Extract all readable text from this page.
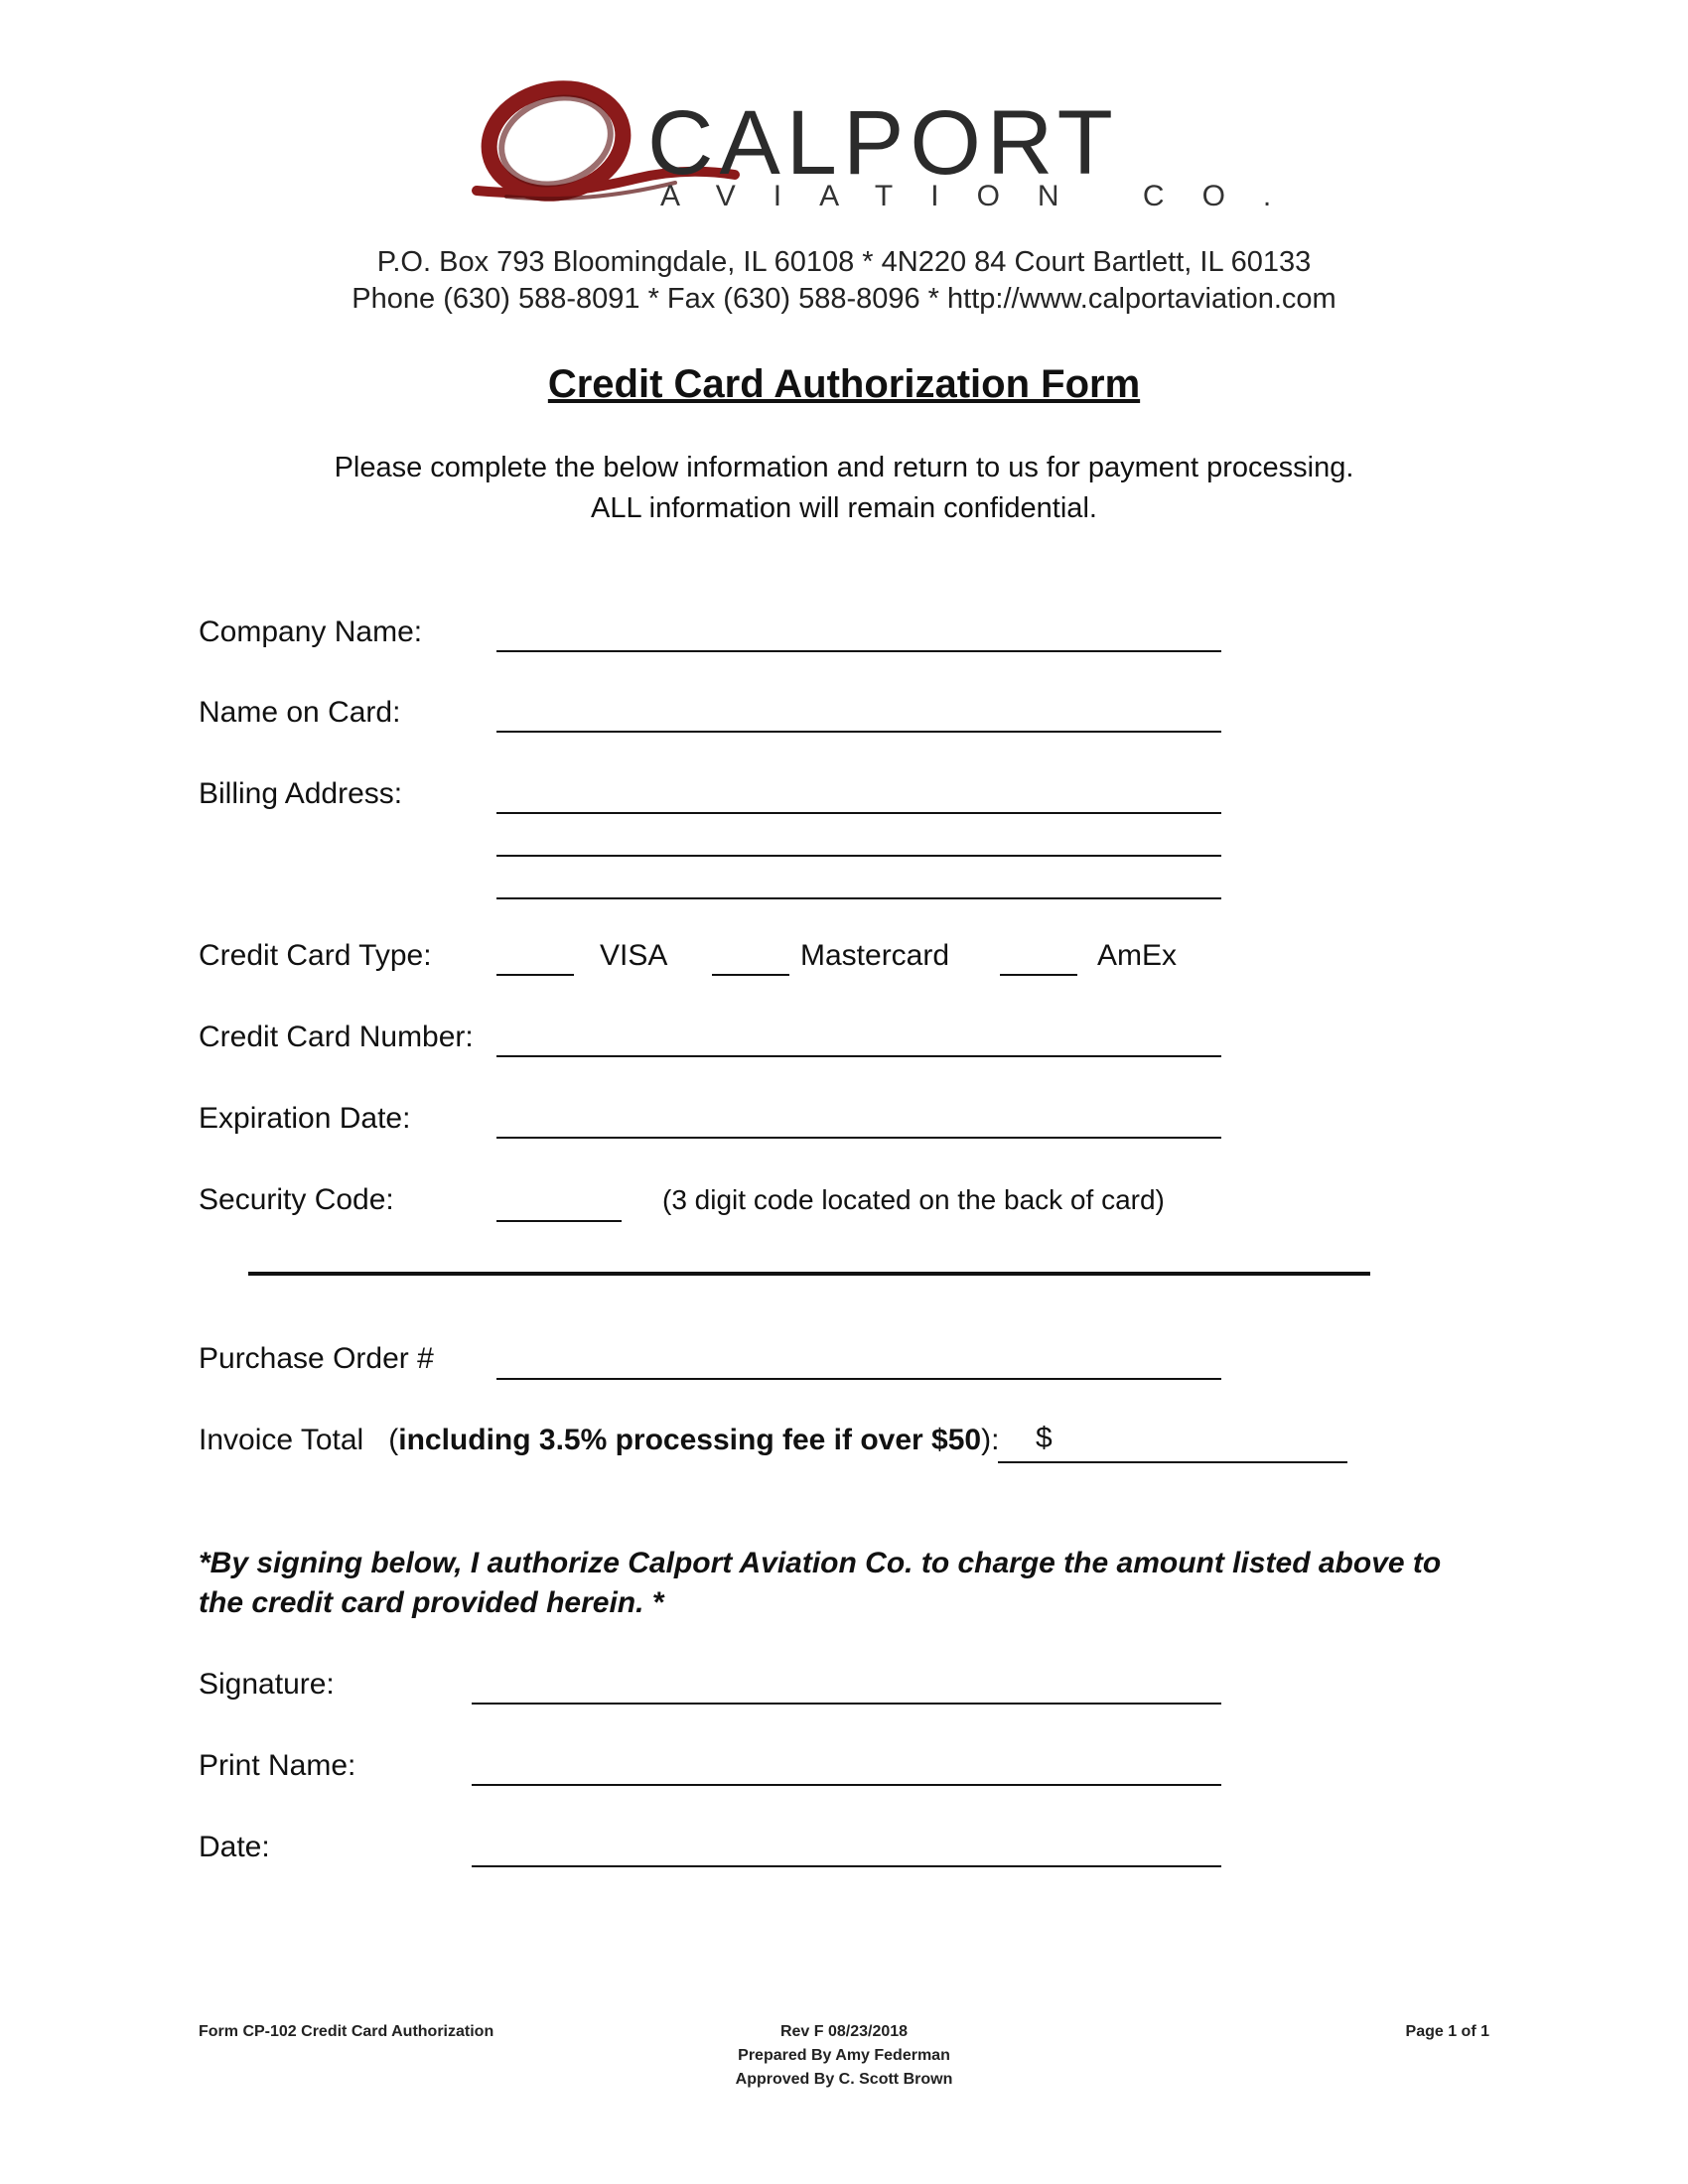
CALPORT
AVIATION CO.
P.O. Box 793 Bloomingdale, IL 60108 * 4N220 84 Court Bartlett, IL 60133
Phone (630) 588-8091 * Fax (630) 588-8096 * http://www.calportaviation.com
Credit Card Authorization Form
Please complete the below information and return to us for payment processing.
ALL information will remain confidential.
Company Name:
Name on Card:
Billing Address:
Credit Card Type:	VISA	Mastercard	AmEx
Credit Card Number:
Expiration Date:
Security Code:	(3 digit code located on the back of card)
Purchase Order #
Invoice Total (including 3.5% processing fee if over $50): $
*By signing below, I authorize Calport Aviation Co. to charge the amount listed above to the credit card provided herein. *
Signature:
Print Name:
Date:
Form CP-102 Credit Card Authorization	Rev F 08/23/2018
Prepared By Amy Federman
Approved By C. Scott Brown
Page 1 of 1
